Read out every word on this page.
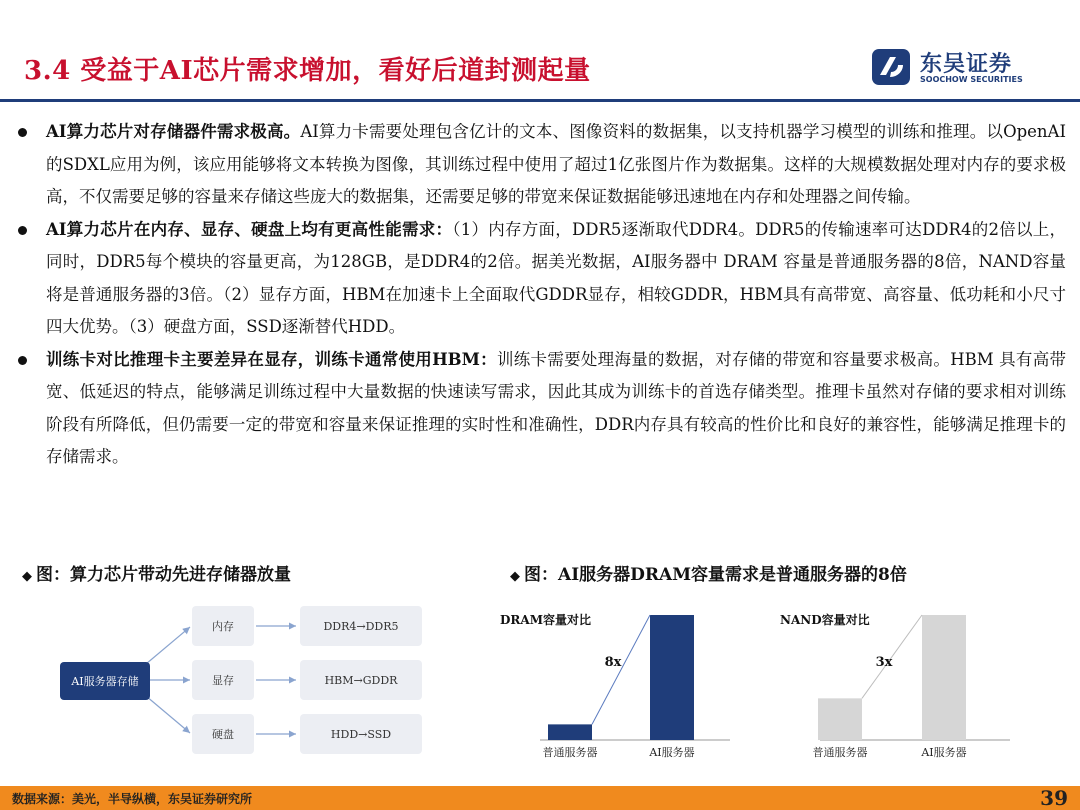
3.4 受益于AI芯片需求增加，看好后道封测起量	东吴证券
SOOCHOW SECURITIES
AI算力芯片对存储器件需求极高。AI算力卡需要处理包含亿计的文本、图像资料的数据集，以支持机器学习模型的训练和推理。以OpenAI的SDXL应用为例，该应用能够将文本转换为图像，其训练过程中使用了超过1亿张图片作为数据集。这样的大规模数据处理对内存的要求极高，不仅需要足够的容量来存储这些庞大的数据集，还需要足够的带宽来保证数据能够迅速地在内存和处理器之间传输。
AI算力芯片在内存、显存、硬盘上均有更高性能需求：（1）内存方面，DDR5逐渐取代DDR4。DDR5的传输速率可达DDR4的2倍以上，同时，DDR5每个模块的容量更高，为128GB，是DDR4的2倍。据美光数据，AI服务器中 DRAM 容量是普通服务器的8倍，NAND容量将是普通服务器的3倍。（2）显存方面，HBM在加速卡上全面取代GDDR显存，相较GDDR，HBM具有高带宽、高容量、低功耗和小尺寸四大优势。（3）硬盘方面，SSD逐渐替代HDD。
训练卡对比推理卡主要差异在显存，训练卡通常使用HBM：训练卡需要处理海量的数据，对存储的带宽和容量要求极高。HBM 具有高带宽、低延迟的特点，能够满足训练过程中大量数据的快速读写需求，因此其成为训练卡的首选存储类型。推理卡虽然对存储的要求相对训练阶段有所降低，但仍需要一定的带宽和容量来保证推理的实时性和准确性，DDR内存具有较高的性价比和良好的兼容性，能够满足推理卡的存储需求。
◆ 图：算力芯片带动先进存储器放量	◆ 图：AI服务器DRAM容量需求是普通服务器的8倍
AI服务器存储
内存
显存
硬盘
DDR4→DDR5
HBM→GDDR
HDD→SSD
DRAM容量对比
普通服务器	AI服务器
8x
NAND容量对比
普通服务器	AI服务器
3x
数据来源：美光，半导纵横，东吴证券研究所	39
